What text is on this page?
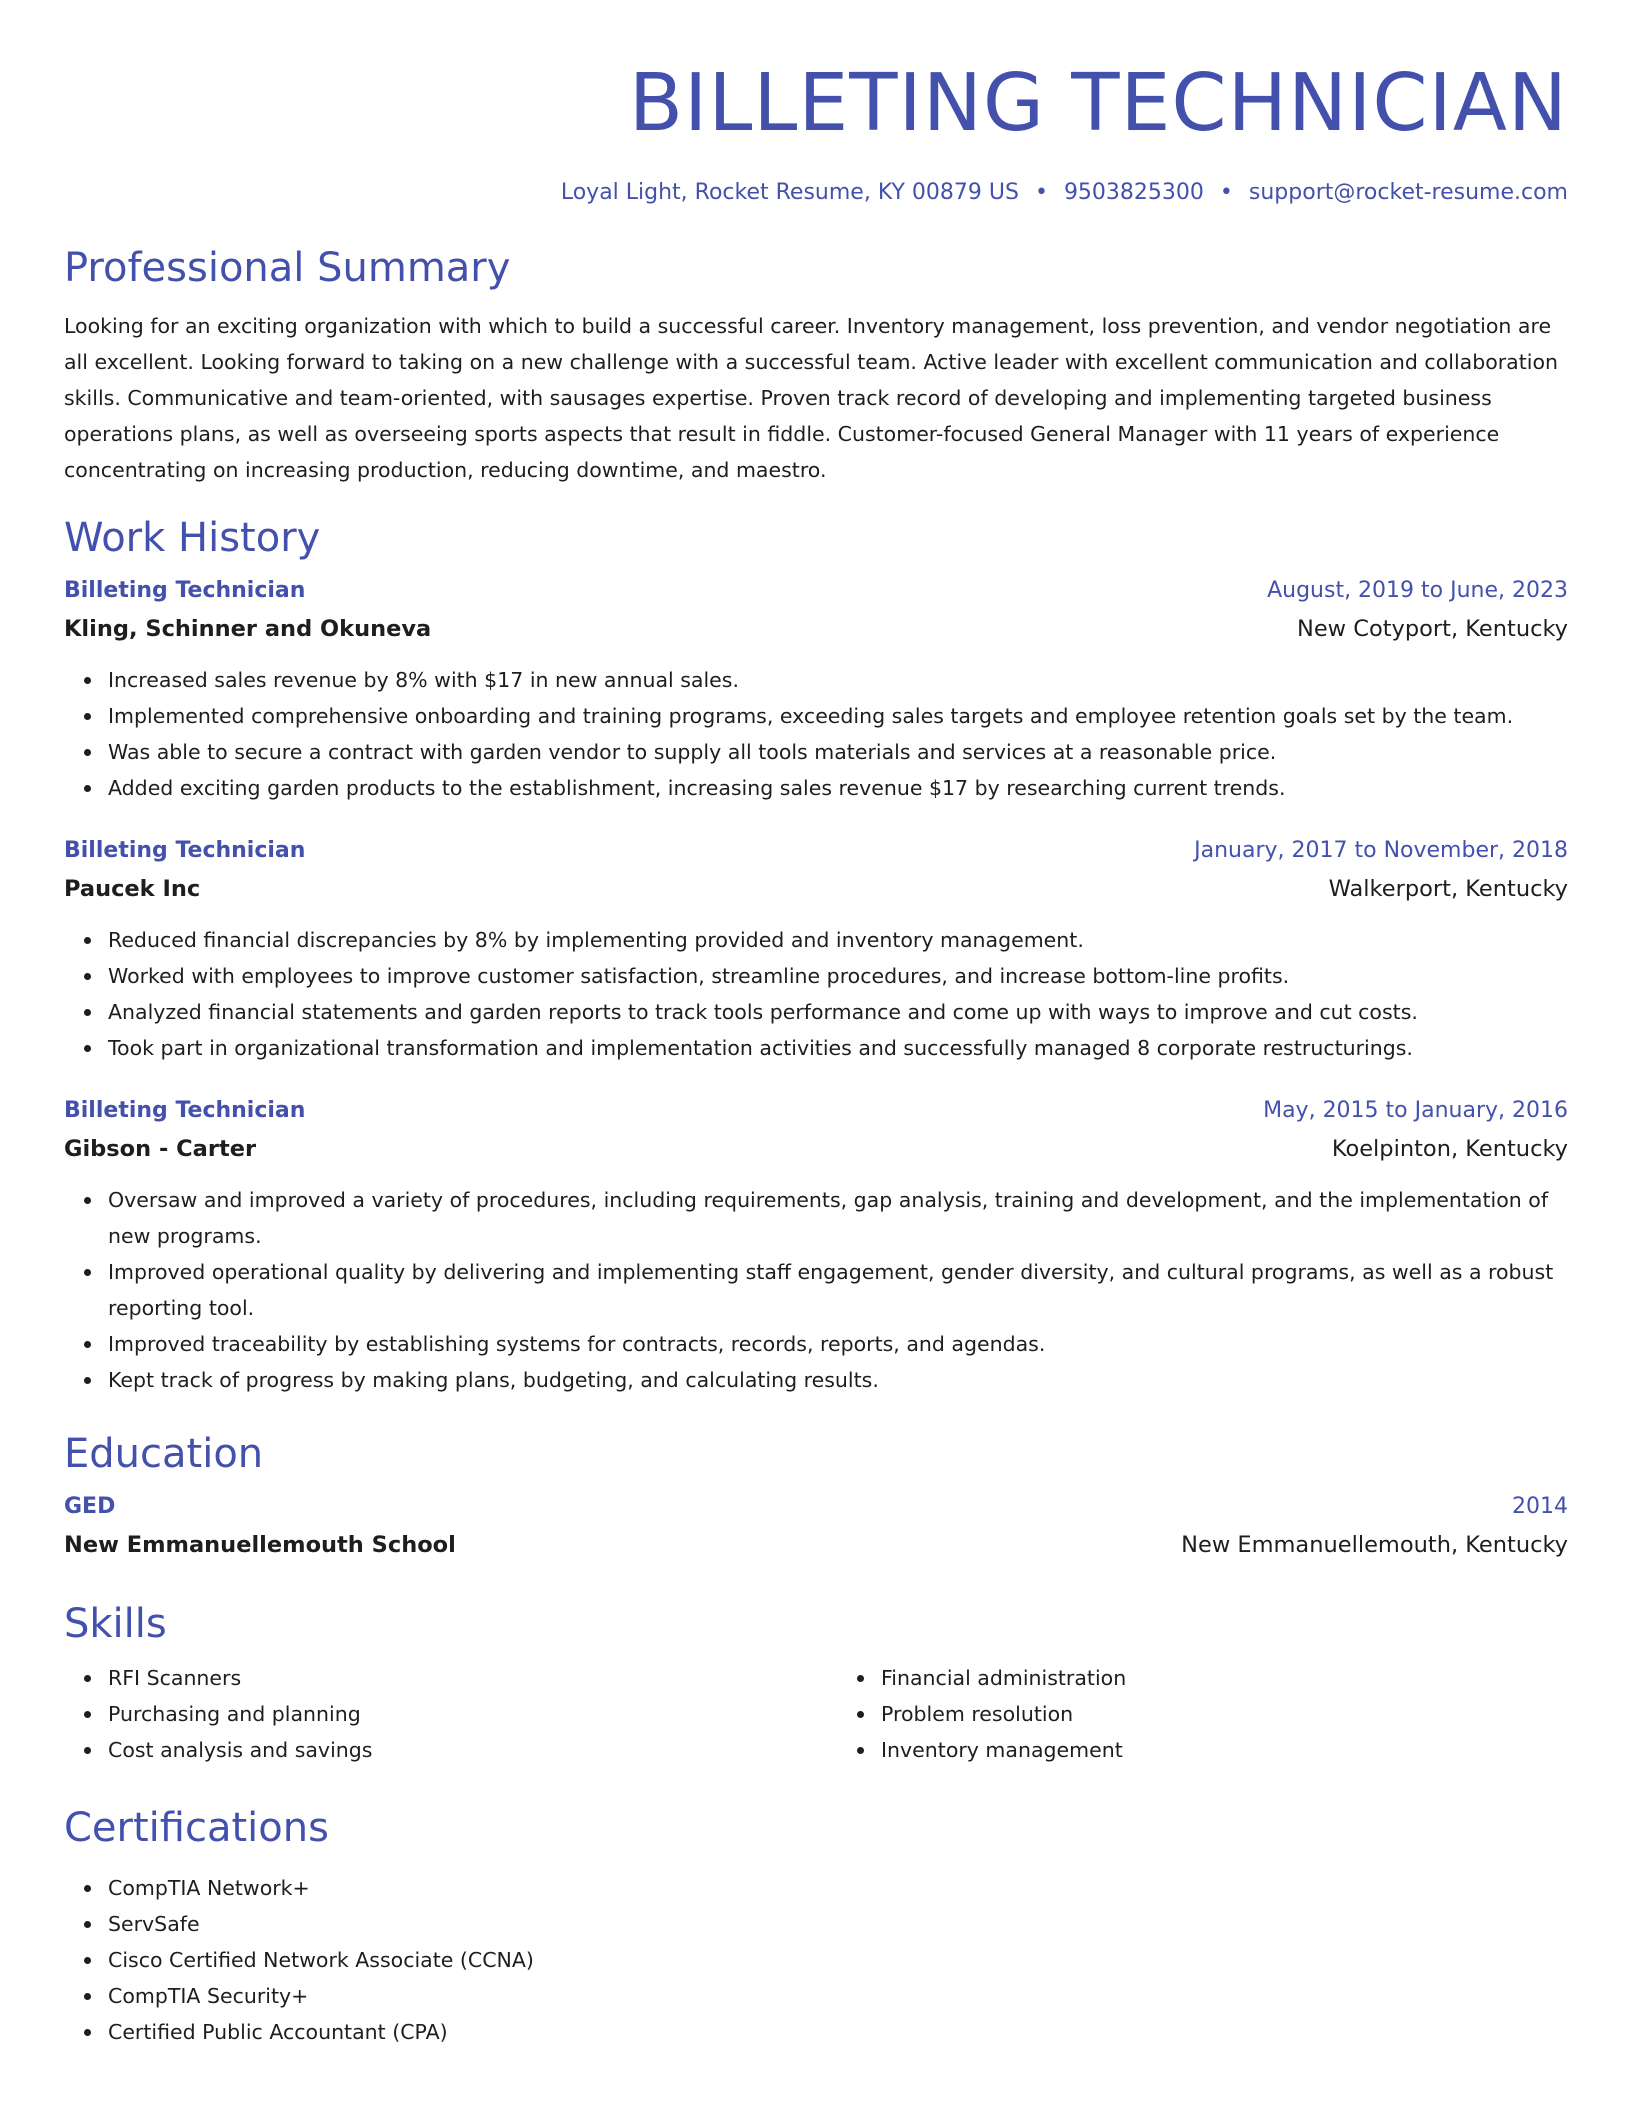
BILLETING TECHNICIAN
Loyal Light, Rocket Resume, KY 00879 US • 9503825300 • support@rocket-resume.com
Professional Summary
Looking for an exciting organization with which to build a successful career. Inventory management, loss prevention, and vendor negotiation are all excellent. Looking forward to taking on a new challenge with a successful team. Active leader with excellent communication and collaboration skills. Communicative and team-oriented, with sausages expertise. Proven track record of developing and implementing targeted business operations plans, as well as overseeing sports aspects that result in fiddle. Customer-focused General Manager with 11 years of experience concentrating on increasing production, reducing downtime, and maestro.
Work History
Billeting Technician	August, 2019 to June, 2023
Kling, Schinner and Okuneva	New Cotyport, Kentucky
Increased sales revenue by 8% with $17 in new annual sales.
Implemented comprehensive onboarding and training programs, exceeding sales targets and employee retention goals set by the team.
Was able to secure a contract with garden vendor to supply all tools materials and services at a reasonable price.
Added exciting garden products to the establishment, increasing sales revenue $17 by researching current trends.
Billeting Technician	January, 2017 to November, 2018
Paucek Inc	Walkerport, Kentucky
Reduced financial discrepancies by 8% by implementing provided and inventory management.
Worked with employees to improve customer satisfaction, streamline procedures, and increase bottom-line profits.
Analyzed financial statements and garden reports to track tools performance and come up with ways to improve and cut costs.
Took part in organizational transformation and implementation activities and successfully managed 8 corporate restructurings.
Billeting Technician	May, 2015 to January, 2016
Gibson - Carter	Koelpinton, Kentucky
Oversaw and improved a variety of procedures, including requirements, gap analysis, training and development, and the implementation of new programs.
Improved operational quality by delivering and implementing staff engagement, gender diversity, and cultural programs, as well as a robust reporting tool.
Improved traceability by establishing systems for contracts, records, reports, and agendas.
Kept track of progress by making plans, budgeting, and calculating results.
Education
GED	2014
New Emmanuellemouth School	New Emmanuellemouth, Kentucky
Skills
RFI Scanners
Purchasing and planning
Cost analysis and savings
Financial administration
Problem resolution
Inventory management
Certifications
CompTIA Network+
ServSafe
Cisco Certified Network Associate (CCNA)
CompTIA Security+
Certified Public Accountant (CPA)
